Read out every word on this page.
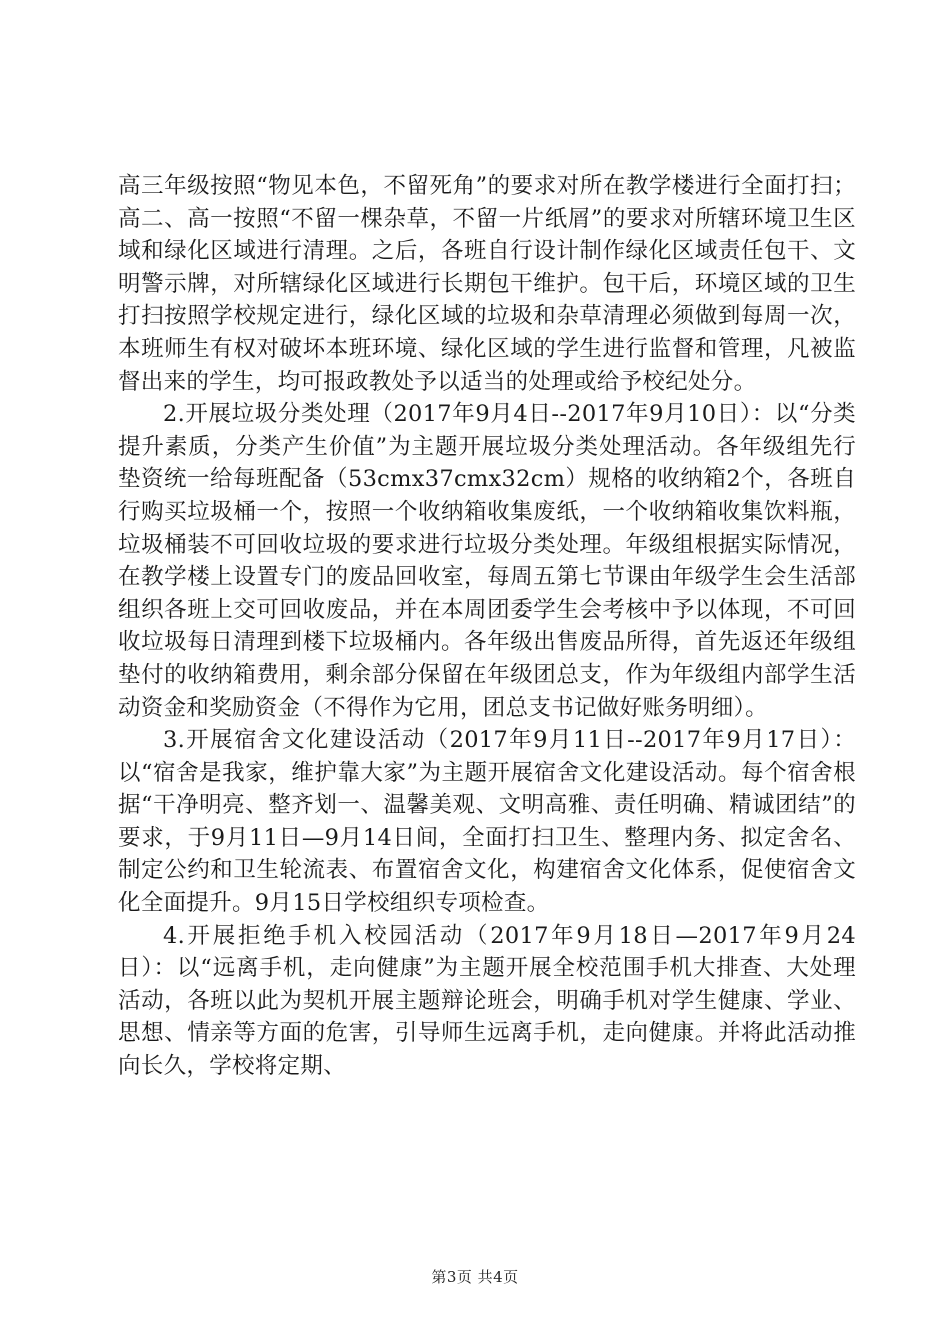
高三年级按照“物见本色，不留死角”的要求对所在教学楼进行全面打扫；高二、高一按照“不留一棵杂草，不留一片纸屑”的要求对所辖环境卫生区域和绿化区域进行清理。之后，各班自行设计制作绿化区域责任包干、文明警示牌，对所辖绿化区域进行长期包干维护。包干后，环境区域的卫生打扫按照学校规定进行，绿化区域的垃圾和杂草清理必须做到每周一次，本班师生有权对破坏本班环境、绿化区域的学生进行监督和管理，凡被监督出来的学生，均可报政教处予以适当的处理或给予校纪处分。

2.开展垃圾分类处理（2017年9月4日--2017年9月10日）：以“分类提升素质，分类产生价值”为主题开展垃圾分类处理活动。各年级组先行垫资统一给每班配备（53cmx37cmx32cm）规格的收纳箱2个，各班自行购买垃圾桶一个，按照一个收纳箱收集废纸，一个收纳箱收集饮料瓶，垃圾桶装不可回收垃圾的要求进行垃圾分类处理。年级组根据实际情况，在教学楼上设置专门的废品回收室，每周五第七节课由年级学生会生活部组织各班上交可回收废品，并在本周团委学生会考核中予以体现，不可回收垃圾每日清理到楼下垃圾桶内。各年级出售废品所得，首先返还年级组垫付的收纳箱费用，剩余部分保留在年级团总支，作为年级组内部学生活动资金和奖励资金（不得作为它用，团总支书记做好账务明细）。

3.开展宿舍文化建设活动（2017年9月11日--2017年9月17日）：以“宿舍是我家，维护靠大家”为主题开展宿舍文化建设活动。每个宿舍根据“干净明亮、整齐划一、温馨美观、文明高雅、责任明确、精诚团结”的要求，于9月11日—9月14日间，全面打扫卫生、整理内务、拟定舍名、制定公约和卫生轮流表、布置宿舍文化，构建宿舍文化体系，促使宿舍文化全面提升。9月15日学校组织专项检查。

4.开展拒绝手机入校园活动（2017年9月18日—2017年9月24日）：以“远离手机，走向健康”为主题开展全校范围手机大排查、大处理活动，各班以此为契机开展主题辩论班会，明确手机对学生健康、学业、思想、情亲等方面的危害，引导师生远离手机，走向健康。并将此活动推向长久，学校将定期、

第3页 共4页
